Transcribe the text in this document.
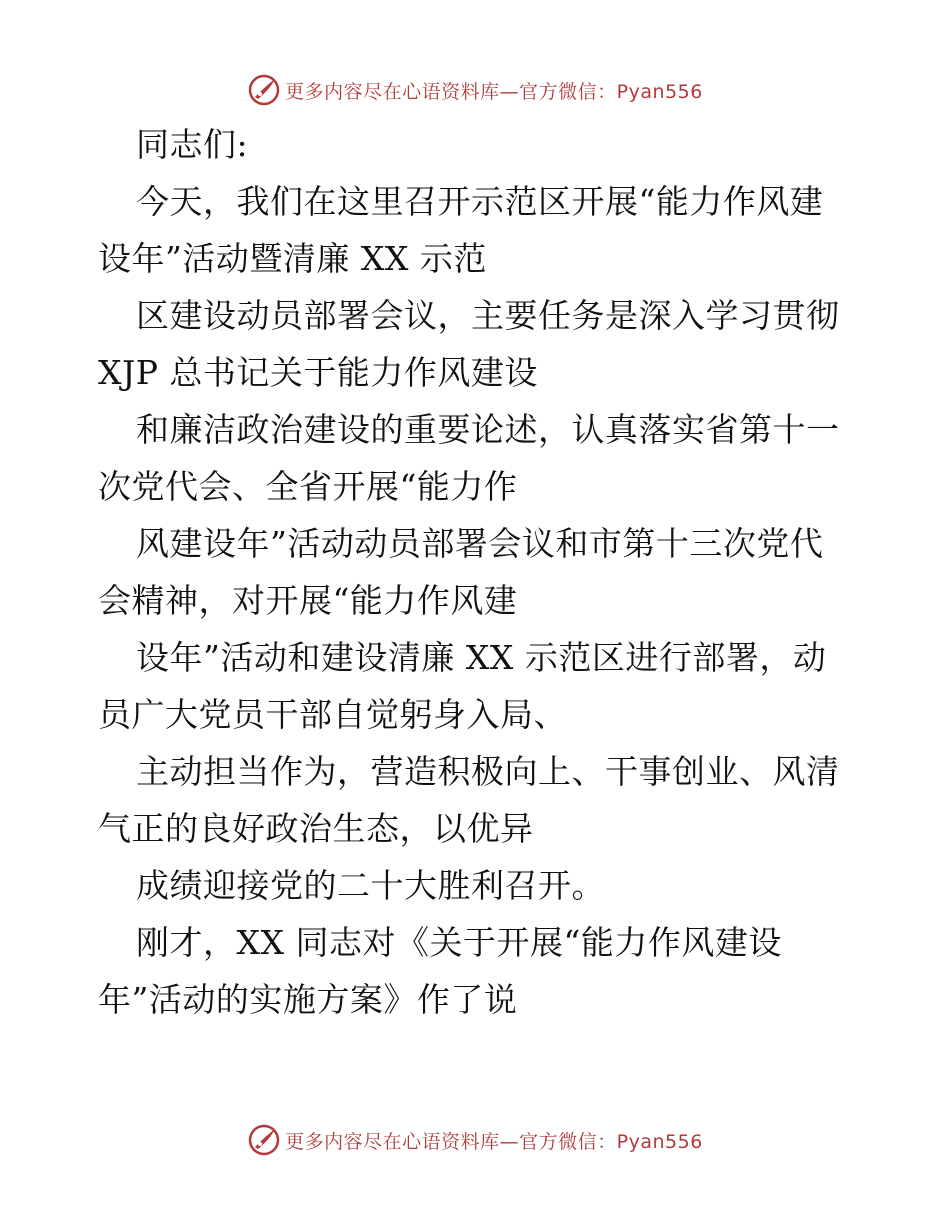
更多内容尽在心语资料库—官方微信：Pyan556
同志们:
今天，我们在这里召开示范区开展“能力作风建
设年”活动暨清廉 XX 示范
区建设动员部署会议，主要任务是深入学习贯彻
XJP 总书记关于能力作风建设
和廉洁政治建设的重要论述，认真落实省第十一
次党代会、全省开展“能力作
风建设年”活动动员部署会议和市第十三次党代
会精神，对开展“能力作风建
设年”活动和建设清廉 XX 示范区进行部署，动
员广大党员干部自觉躬身入局、
主动担当作为，营造积极向上、干事创业、风清
气正的良好政治生态，以优异
成绩迎接党的二十大胜利召开。
刚才，XX 同志对《关于开展“能力作风建设
年”活动的实施方案》作了说
更多内容尽在心语资料库—官方微信：Pyan556
